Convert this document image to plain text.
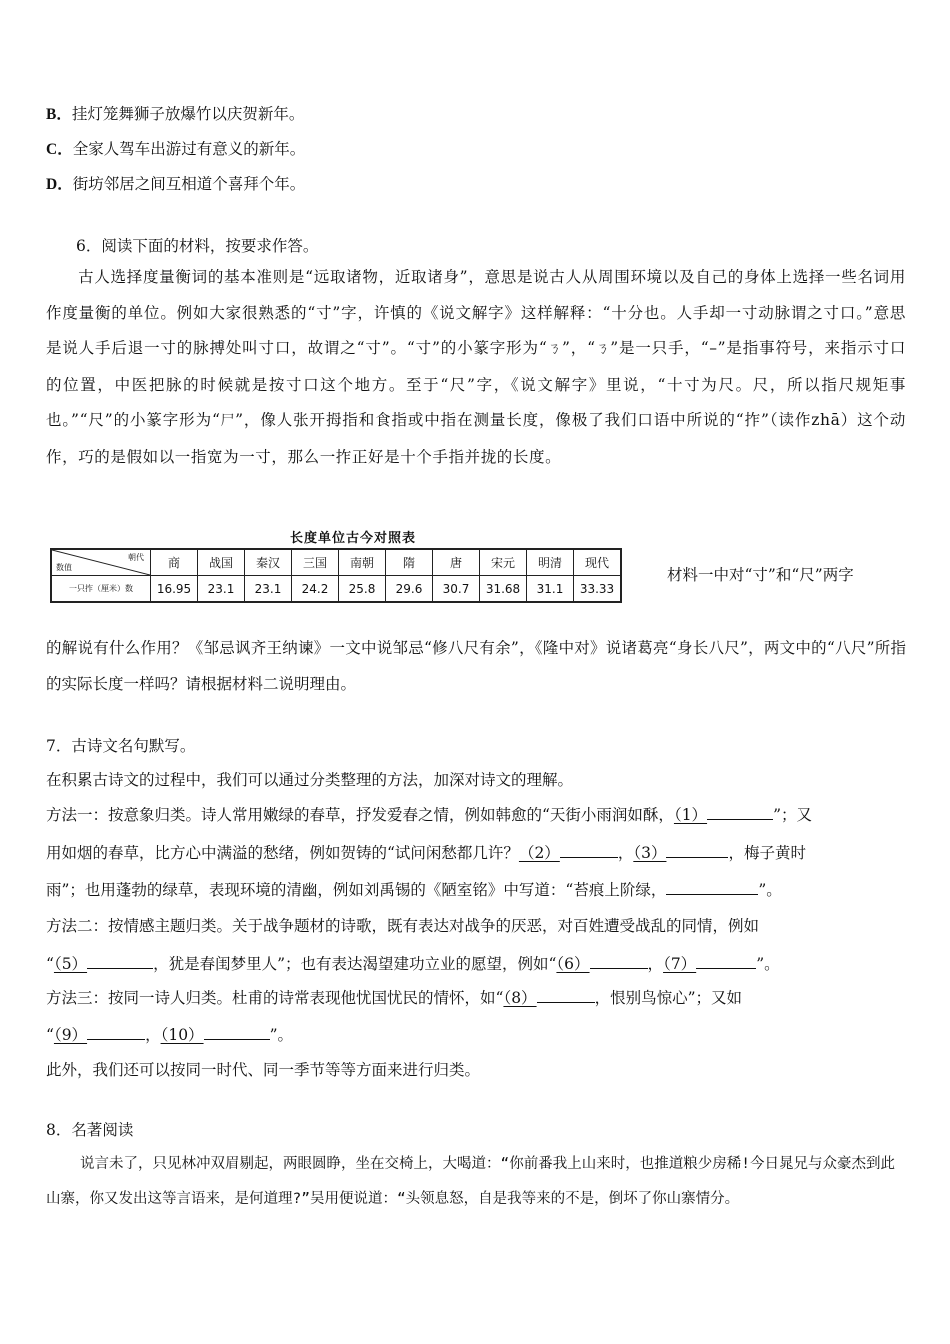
B．挂灯笼舞狮子放爆竹以庆贺新年。
C．全家人驾车出游过有意义的新年。
D．街坊邻居之间互相道个喜拜个年。
6．阅读下面的材料，按要求作答。
古人选择度量衡词的基本准则是“远取诸物，近取诸身”，意思是说古人从周围环境以及自己的身体上选择一些名词用作度量衡的单位。例如大家很熟悉的“寸”字，许慎的《说文解字》这样解释：“十分也。人手却一寸动脉谓之寸口。”意思是说人手后退一寸的脉搏处叫寸口，故谓之“寸”。“寸”的小篆字形为“ㄋ”，“ㄋ”是一只手，“–”是指事符号，来指示寸口的位置，中医把脉的时候就是按寸口这个地方。至于“尺”字，《说文解字》里说，“十寸为尺。尺，所以指尺规矩事也。”“尺”的小篆字形为“尸”，像人张开拇指和食指或中指在测量长度，像极了我们口语中所说的“拃”（读作zhā）这个动作，巧的是假如以一指宽为一寸，那么一拃正好是十个手指并拢的长度。
长度单位古今对照表
朝代
数值	商	战国	秦汉	三国	南朝	隋	唐	宋元	明清	现代
一只拃（厘米）数	16.95	23.1	23.1	24.2	25.8	29.6	30.7	31.68	31.1	33.33
材料一中对“寸”和“尺”两字
的解说有什么作用？《邹忌讽齐王纳谏》一文中说邹忌“修八尺有余”，《隆中对》说诸葛亮“身长八尺”，两文中的“八尺”所指的实际长度一样吗？请根据材料二说明理由。
7．古诗文名句默写。
在积累古诗文的过程中，我们可以通过分类整理的方法，加深对诗文的理解。
方法一：按意象归类。诗人常用嫩绿的春草，抒发爱春之情，例如韩愈的“天街小雨润如酥，（1）	”；又
用如烟的春草，比方心中满溢的愁绪，例如贺铸的“试问闲愁都几许？（2）	，（3）	，梅子黄时
雨”；也用蓬勃的绿草，表现环境的清幽，例如刘禹锡的《陋室铭》中写道：“苔痕上阶绿，	”。
方法二：按情感主题归类。关于战争题材的诗歌，既有表达对战争的厌恶，对百姓遭受战乱的同情，例如
“（5）	，犹是春闺梦里人”；也有表达渴望建功立业的愿望，例如“（6）	，（7）	”。
方法三：按同一诗人归类。杜甫的诗常表现他忧国忧民的情怀，如“（8）	，恨别鸟惊心”；又如
“（9）	，（10）	”。
此外，我们还可以按同一时代、同一季节等等方面来进行归类。
8．名著阅读
说言未了，只见林冲双眉剔起，两眼圆睁，坐在交椅上，大喝道：“你前番我上山来时，也推道粮少房稀!今日晁兄与众豪杰到此山寨，你又发出这等言语来，是何道理?”吴用便说道：“头领息怒，自是我等来的不是，倒坏了你山寨情分。
